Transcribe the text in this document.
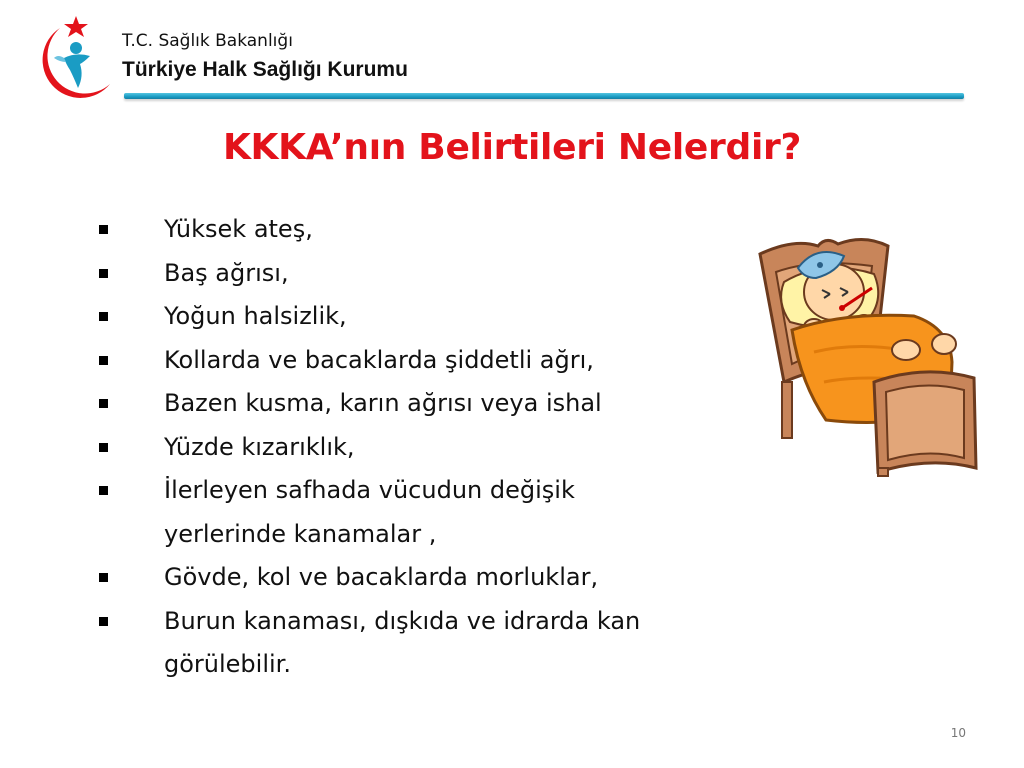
T.C. Sağlık Bakanlığı
Türkiye Halk Sağlığı Kurumu
KKKA’nın Belirtileri Nelerdir?
Yüksek ateş,
Baş ağrısı,
Yoğun halsizlik,
Kollarda ve bacaklarda şiddetli ağrı,
Bazen kusma, karın ağrısı veya ishal
Yüzde kızarıklık,
İlerleyen safhada vücudun değişik yerlerinde kanamalar ,
Gövde, kol ve bacaklarda morluklar,
Burun kanaması, dışkıda ve idrarda kan görülebilir.
10
